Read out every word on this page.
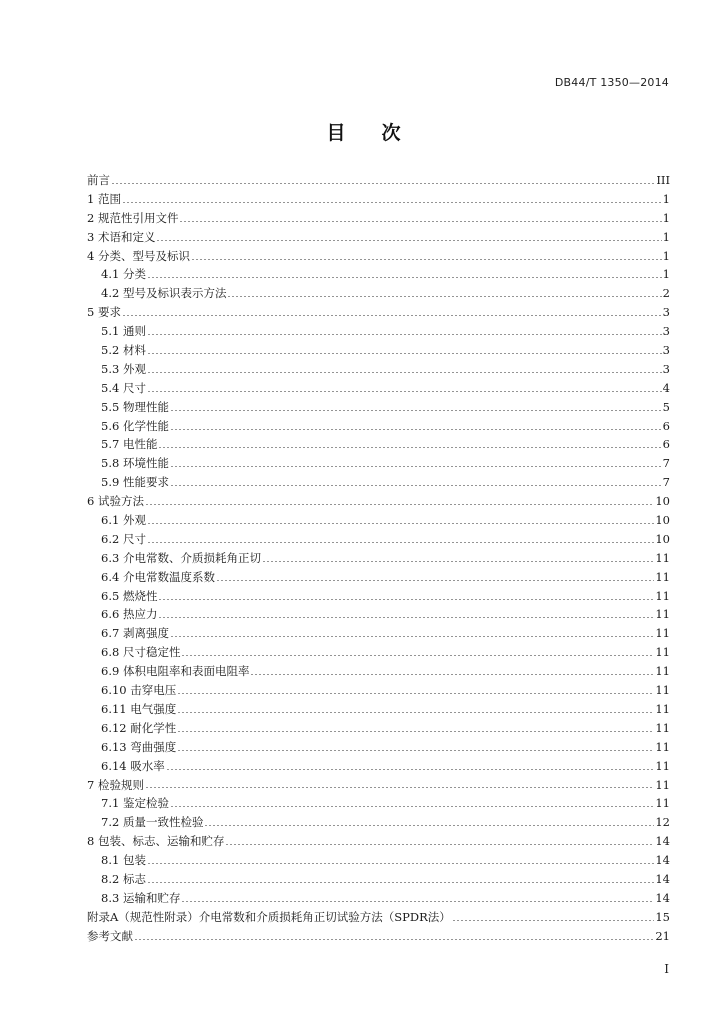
DB44/T 1350—2014
目次
前言	III
1 范围	1
2 规范性引用文件	1
3 术语和定义	1
4 分类、型号及标识	1
4.1 分类	1
4.2 型号及标识表示方法	2
5 要求	3
5.1 通则	3
5.2 材料	3
5.3 外观	3
5.4 尺寸	4
5.5 物理性能	5
5.6 化学性能	6
5.7 电性能	6
5.8 环境性能	7
5.9 性能要求	7
6 试验方法	10
6.1 外观	10
6.2 尺寸	10
6.3 介电常数、介质损耗角正切	11
6.4 介电常数温度系数	11
6.5 燃烧性	11
6.6 热应力	11
6.7 剥离强度	11
6.8 尺寸稳定性	11
6.9 体积电阻率和表面电阻率	11
6.10 击穿电压	11
6.11 电气强度	11
6.12 耐化学性	11
6.13 弯曲强度	11
6.14 吸水率	11
7 检验规则	11
7.1 鉴定检验	11
7.2 质量一致性检验	12
8 包装、标志、运输和贮存	14
8.1 包装	14
8.2 标志	14
8.3 运输和贮存	14
附录A（规范性附录）介电常数和介质损耗角正切试验方法（SPDR法）	15
参考文献	21
I
